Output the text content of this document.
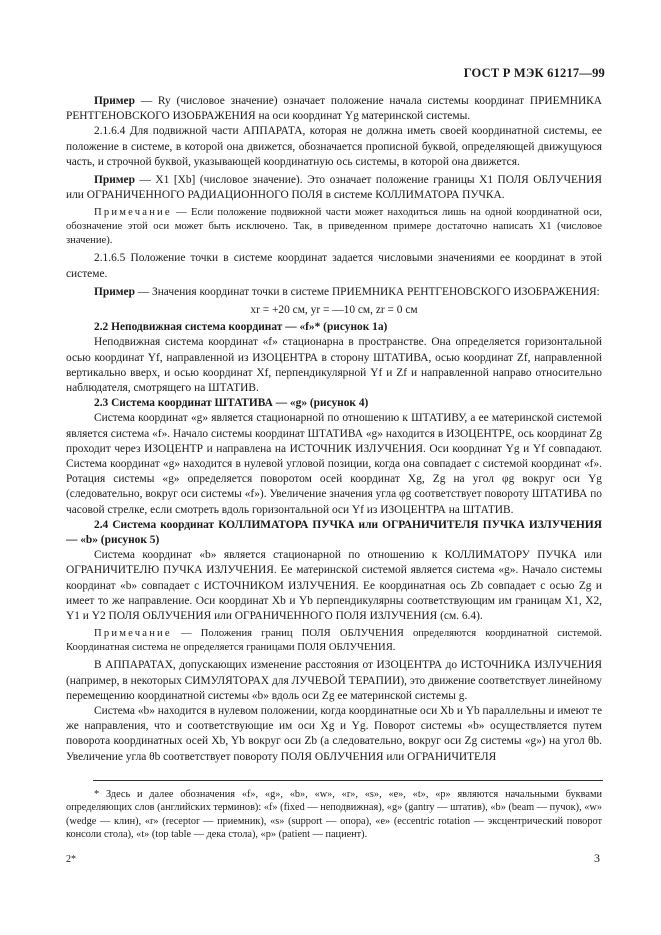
ГОСТ Р МЭК 61217—99

Пример — Ry (числовое значение) означает положение начала системы координат ПРИЕМНИКА РЕНТГЕНОВСКОГО ИЗОБРАЖЕНИЯ на оси координат Yg материнской системы.

2.1.6.4 Для подвижной части АППАРАТА, которая не должна иметь своей координатной системы, ее положение в системе, в которой она движется, обозначается прописной буквой, определяющей движущуюся часть, и строчной буквой, указывающей координатную ось системы, в которой она движется.

Пример — X1 [Xb] (числовое значение). Это означает положение границы X1 ПОЛЯ ОБЛУЧЕНИЯ или ОГРАНИЧЕННОГО РАДИАЦИОННОГО ПОЛЯ в системе КОЛЛИМАТОРА ПУЧКА.

Примечание — Если положение подвижной части может находиться лишь на одной координатной оси, обозначение этой оси может быть исключено. Так, в приведенном примере достаточно написать X1 (числовое значение).

2.1.6.5 Положение точки в системе координат задается числовыми значениями ее координат в этой системе.

Пример — Значения координат точки в системе ПРИЕМНИКА РЕНТГЕНОВСКОГО ИЗОБРАЖЕНИЯ:

xr = +20 см, yr = —10 см, zr = 0 см

2.2 Неподвижная система координат — «f»* (рисунок 1а)

Неподвижная система координат «f» стационарна в пространстве. Она определяется горизонтальной осью координат Yf, направленной из ИЗОЦЕНТРА в сторону ШТАТИВА, осью координат Zf, направленной вертикально вверх, и осью координат Xf, перпендикулярной Yf и Zf и направленной направо относительно наблюдателя, смотрящего на ШТАТИВ.

2.3 Система координат ШТАТИВА — «g» (рисунок 4)

Система координат «g» является стационарной по отношению к ШТАТИВУ, а ее материнской системой является система «f». Начало системы координат ШТАТИВА «g» находится в ИЗОЦЕНТРЕ, ось координат Zg проходит через ИЗОЦЕНТР и направлена на ИСТОЧНИК ИЗЛУЧЕНИЯ. Оси координат Yg и Yf совпадают. Система координат «g» находится в нулевой угловой позиции, когда она совпадает с системой координат «f». Ротация системы «g» определяется поворотом осей координат Xg, Zg на угол φg вокруг оси Yg (следовательно, вокруг оси системы «f»). Увеличение значения угла φg соответствует повороту ШТАТИВА по часовой стрелке, если смотреть вдоль горизонтальной оси Yf из ИЗОЦЕНТРА на ШТАТИВ.

2.4 Система координат КОЛЛИМАТОРА ПУЧКА или ОГРАНИЧИТЕЛЯ ПУЧКА ИЗЛУЧЕНИЯ — «b» (рисунок 5)

Система координат «b» является стационарной по отношению к КОЛЛИМАТОРУ ПУЧКА или ОГРАНИЧИТЕЛЮ ПУЧКА ИЗЛУЧЕНИЯ. Ее материнской системой является система «g». Начало системы координат «b» совпадает с ИСТОЧНИКОМ ИЗЛУЧЕНИЯ. Ее координатная ось Zb совпадает с осью Zg и имеет то же направление. Оси координат Xb и Yb перпендикулярны соответствующим им границам X1, X2, Y1 и Y2 ПОЛЯ ОБЛУЧЕНИЯ или ОГРАНИЧЕННОГО ПОЛЯ ИЗЛУЧЕНИЯ (см. 6.4).

Примечание — Положения границ ПОЛЯ ОБЛУЧЕНИЯ определяются координатной системой. Координатная система не определяется границами ПОЛЯ ОБЛУЧЕНИЯ.

В АППАРАТАХ, допускающих изменение расстояния от ИЗОЦЕНТРА до ИСТОЧНИКА ИЗЛУЧЕНИЯ (например, в некоторых СИМУЛЯТОРАХ для ЛУЧЕВОЙ ТЕРАПИИ), это движение соответствует линейному перемещению координатной системы «b» вдоль оси Zg ее материнской системы g.

Система «b» находится в нулевом положении, когда координатные оси Xb и Yb параллельны и имеют те же направления, что и соответствующие им оси Xg и Yg. Поворот системы «b» осуществляется путем поворота координатных осей Xb, Yb вокруг оси Zb (а следовательно, вокруг оси Zg системы «g») на угол θb. Увеличение угла θb соответствует повороту ПОЛЯ ОБЛУЧЕНИЯ или ОГРАНИЧИТЕЛЯ

* Здесь и далее обозначения «f», «g», «b», «w», «r», «s», «e», «t», «p» являются начальными буквами определяющих слов (английских терминов): «f» (fixed — неподвижная), «g» (gantry — штатив), «b» (beam — пучок), «w» (wedge — клин), «r» (receptor — приемник), «s» (support — опора), «e» (eccentric rotation — эксцентрический поворот консоли стола), «t» (top table — дека стола), «p» (patient — пациент).

2*	3
